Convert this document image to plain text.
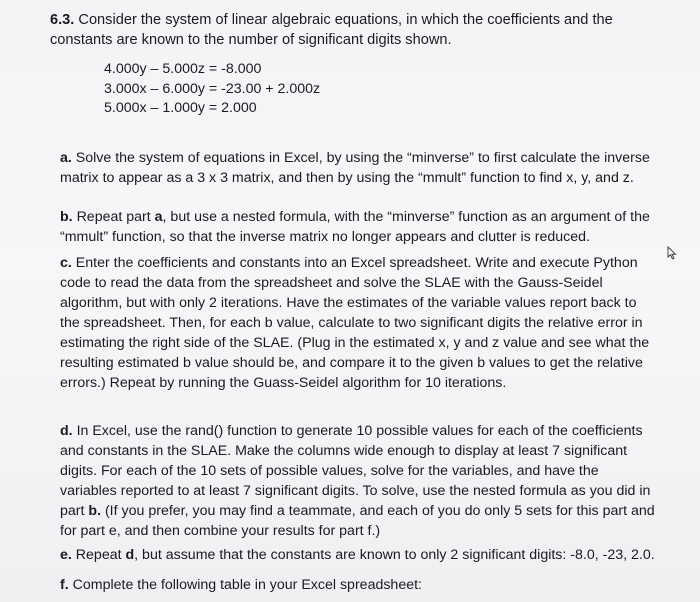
6.3. Consider the system of linear algebraic equations, in which the coefficients and the constants are known to the number of significant digits shown.
4.000y – 5.000z = -8.000
3.000x – 6.000y = -23.00 + 2.000z
5.000x – 1.000y = 2.000
a. Solve the system of equations in Excel, by using the “minverse” to first calculate the inverse matrix to appear as a 3 x 3 matrix, and then by using the “mmult” function to find x, y, and z.
b. Repeat part a, but use a nested formula, with the “minverse” function as an argument of the “mmult” function, so that the inverse matrix no longer appears and clutter is reduced.
c. Enter the coefficients and constants into an Excel spreadsheet. Write and execute Python code to read the data from the spreadsheet and solve the SLAE with the Gauss-Seidel algorithm, but with only 2 iterations. Have the estimates of the variable values report back to the spreadsheet. Then, for each b value, calculate to two significant digits the relative error in estimating the right side of the SLAE. (Plug in the estimated x, y and z value and see what the resulting estimated b value should be, and compare it to the given b values to get the relative errors.) Repeat by running the Guass-Seidel algorithm for 10 iterations.
d. In Excel, use the rand() function to generate 10 possible values for each of the coefficients and constants in the SLAE. Make the columns wide enough to display at least 7 significant digits. For each of the 10 sets of possible values, solve for the variables, and have the variables reported to at least 7 significant digits. To solve, use the nested formula as you did in part b. (If you prefer, you may find a teammate, and each of you do only 5 sets for this part and for part e, and then combine your results for part f.)
e. Repeat d, but assume that the constants are known to only 2 significant digits: -8.0, -23, 2.0.
f. Complete the following table in your Excel spreadsheet:
